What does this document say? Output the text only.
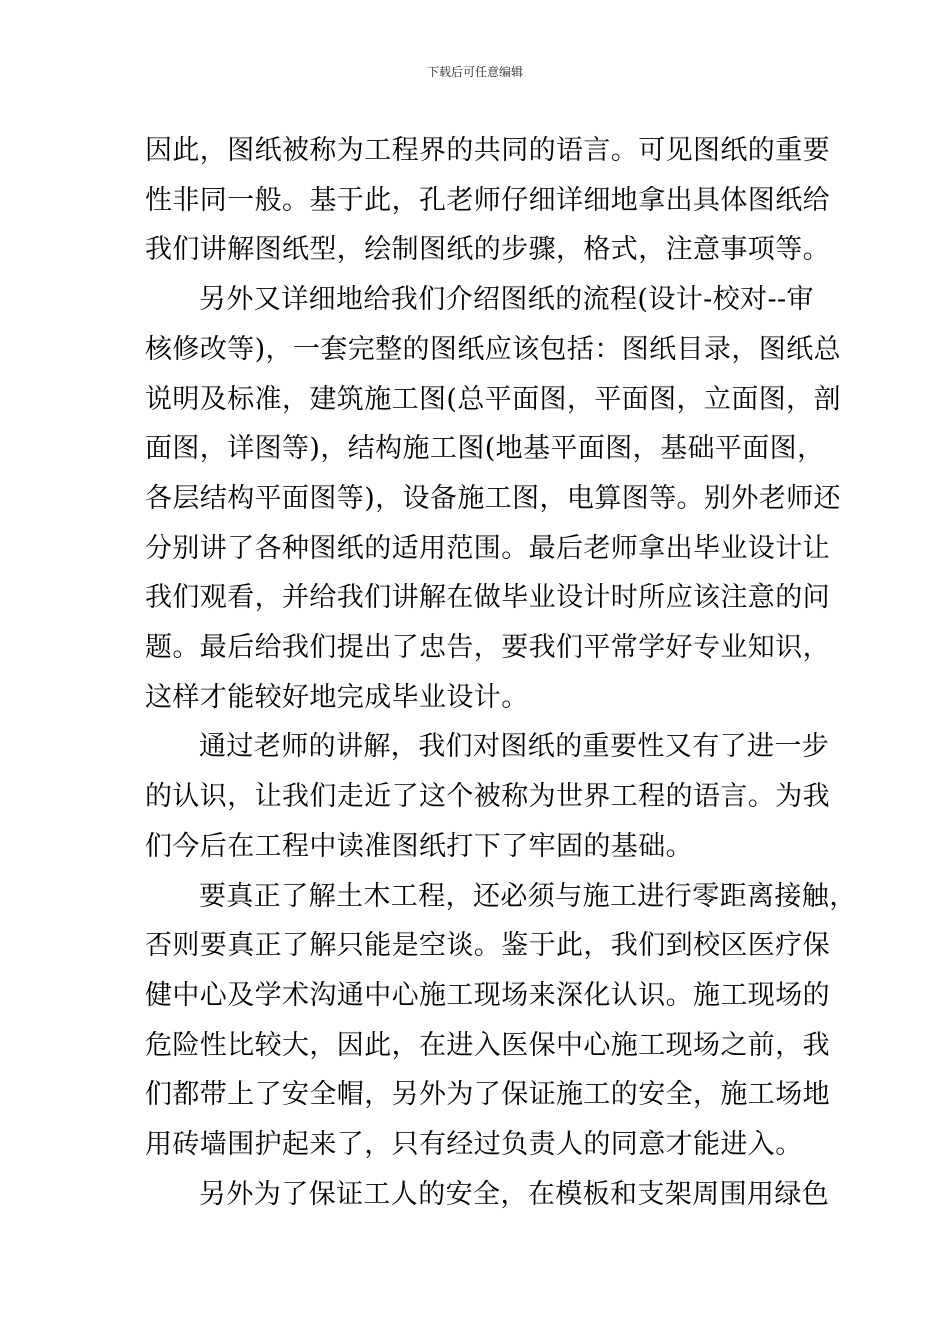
下载后可任意编辑

因此，图纸被称为工程界的共同的语言。可见图纸的重要
性非同一般。基于此，孔老师仔细详细地拿出具体图纸给
我们讲解图纸型，绘制图纸的步骤，格式，注意事项等。

另外又详细地给我们介绍图纸的流程(设计-校对--审
核修改等)，一套完整的图纸应该包括：图纸目录，图纸总
说明及标准，建筑施工图(总平面图，平面图，立面图，剖
面图，详图等)，结构施工图(地基平面图，基础平面图，
各层结构平面图等)，设备施工图，电算图等。别外老师还
分别讲了各种图纸的适用范围。最后老师拿出毕业设计让
我们观看，并给我们讲解在做毕业设计时所应该注意的问
题。最后给我们提出了忠告，要我们平常学好专业知识，
这样才能较好地完成毕业设计。

通过老师的讲解，我们对图纸的重要性又有了进一步
的认识，让我们走近了这个被称为世界工程的语言。为我
们今后在工程中读准图纸打下了牢固的基础。

要真正了解土木工程，还必须与施工进行零距离接触，
否则要真正了解只能是空谈。鉴于此，我们到校区医疗保
健中心及学术沟通中心施工现场来深化认识。施工现场的
危险性比较大，因此，在进入医保中心施工现场之前，我
们都带上了安全帽，另外为了保证施工的安全，施工场地
用砖墙围护起来了，只有经过负责人的同意才能进入。

另外为了保证工人的安全，在模板和支架周围用绿色
